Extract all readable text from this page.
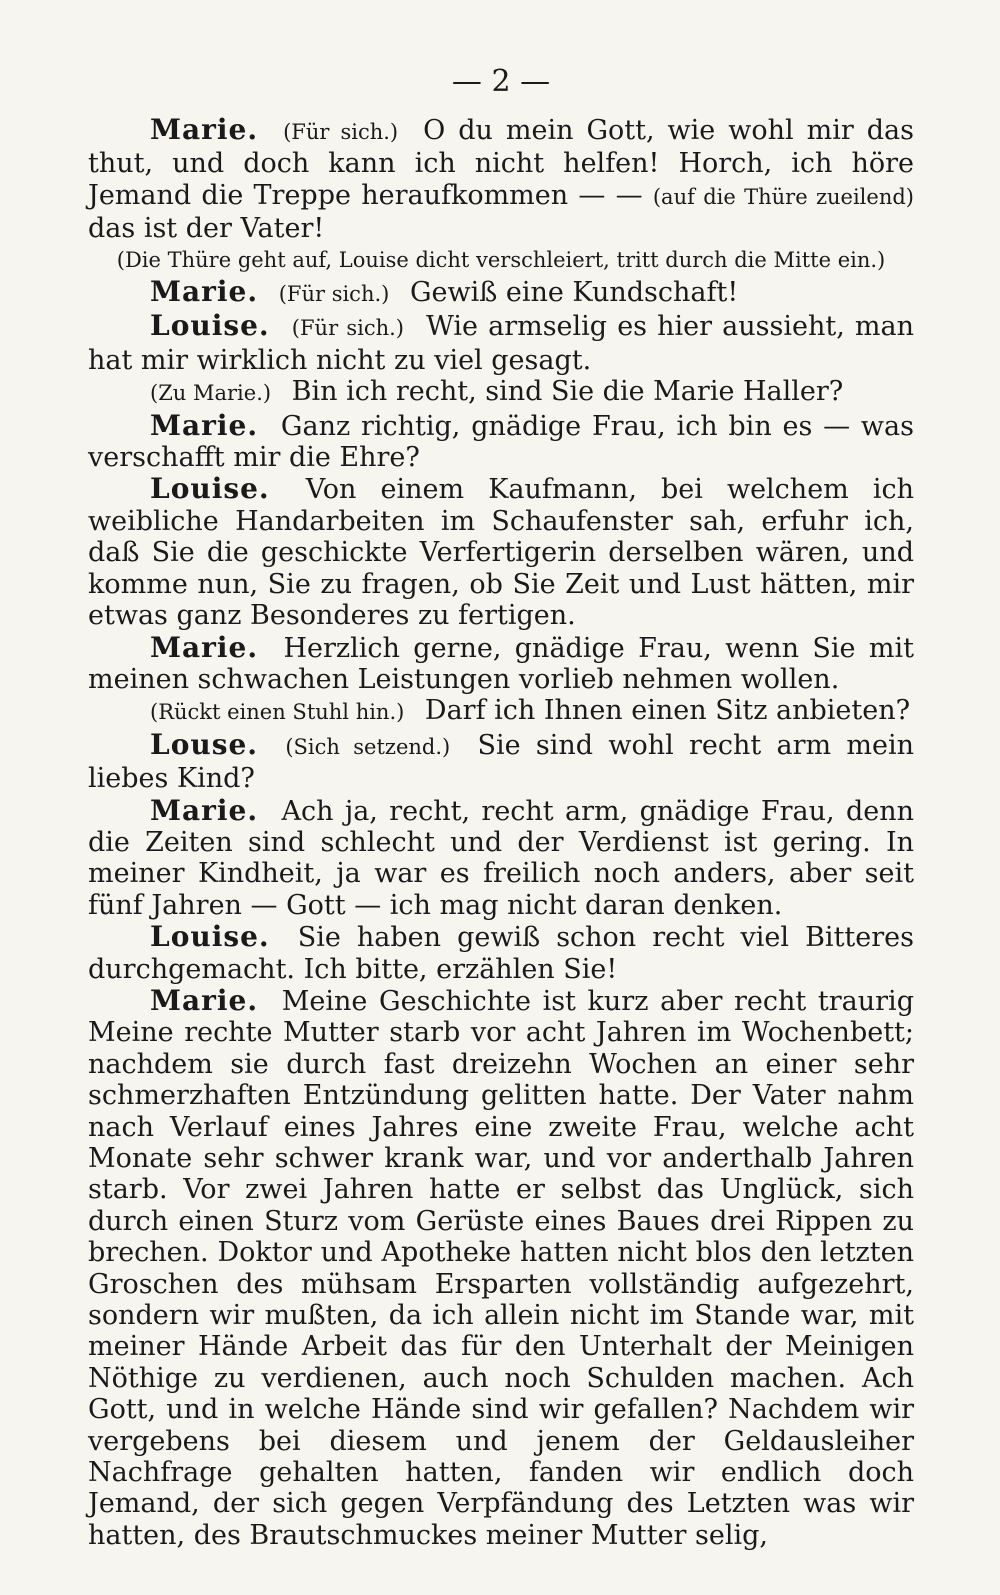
— 2 —

Marie. (Für sich.) O du mein Gott, wie wohl mir das thut, und doch kann ich nicht helfen! Horch, ich höre Jemand die Treppe heraufkommen — — (auf die Thüre zueilend) das ist der Vater!

(Die Thüre geht auf, Louise dicht verschleiert, tritt durch die Mitte ein.)

Marie. (Für sich.) Gewiß eine Kundschaft!

Louise. (Für sich.) Wie armselig es hier aussieht, man hat mir wirklich nicht zu viel gesagt.

(Zu Marie.) Bin ich recht, sind Sie die Marie Haller?

Marie. Ganz richtig, gnädige Frau, ich bin es — was verschafft mir die Ehre?

Louise. Von einem Kaufmann, bei welchem ich weibliche Handarbeiten im Schaufenster sah, erfuhr ich, daß Sie die geschickte Verfertigerin derselben wären, und komme nun, Sie zu fragen, ob Sie Zeit und Lust hätten, mir etwas ganz Besonderes zu fertigen.

Marie. Herzlich gerne, gnädige Frau, wenn Sie mit meinen schwachen Leistungen vorlieb nehmen wollen.

(Rückt einen Stuhl hin.) Darf ich Ihnen einen Sitz anbieten?

Louse. (Sich setzend.) Sie sind wohl recht arm mein liebes Kind?

Marie. Ach ja, recht, recht arm, gnädige Frau, denn die Zeiten sind schlecht und der Verdienst ist gering. In meiner Kindheit, ja war es freilich noch anders, aber seit fünf Jahren — Gott — ich mag nicht daran denken.

Louise. Sie haben gewiß schon recht viel Bitteres durchgemacht. Ich bitte, erzählen Sie!

Marie. Meine Geschichte ist kurz aber recht traurig Meine rechte Mutter starb vor acht Jahren im Wochenbett; nachdem sie durch fast dreizehn Wochen an einer sehr schmerzhaften Entzündung gelitten hatte. Der Vater nahm nach Verlauf eines Jahres eine zweite Frau, welche acht Monate sehr schwer krank war, und vor anderthalb Jahren starb. Vor zwei Jahren hatte er selbst das Unglück, sich durch einen Sturz vom Gerüste eines Baues drei Rippen zu brechen. Doktor und Apotheke hatten nicht blos den letzten Groschen des mühsam Ersparten vollständig aufgezehrt, sondern wir mußten, da ich allein nicht im Stande war, mit meiner Hände Arbeit das für den Unterhalt der Meinigen Nöthige zu verdienen, auch noch Schulden machen. Ach Gott, und in welche Hände sind wir gefallen? Nachdem wir vergebens bei diesem und jenem der Geldausleiher Nachfrage gehalten hatten, fanden wir endlich doch Jemand, der sich gegen Verpfändung des Letzten was wir hatten, des Brautschmuckes meiner Mutter selig,
